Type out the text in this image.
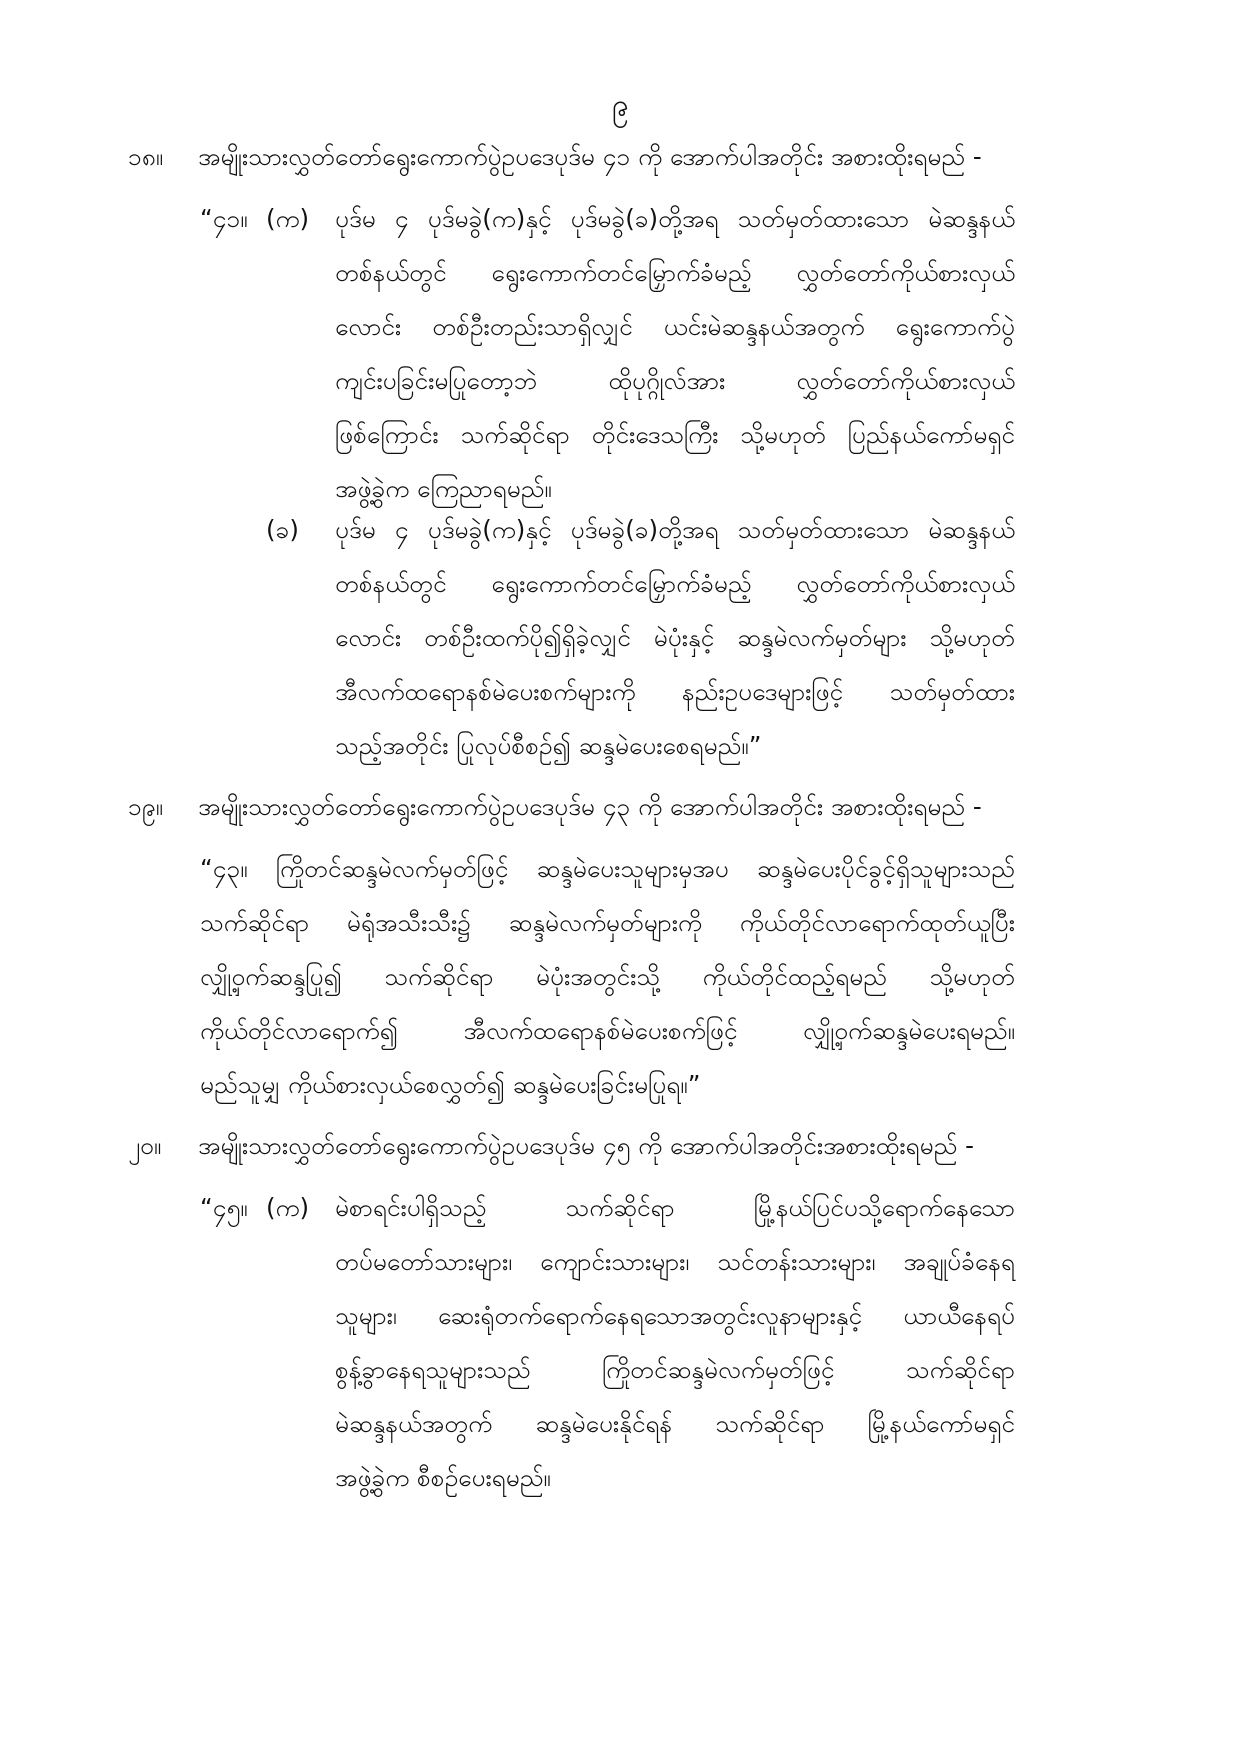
၉
၁၈။ အမျိုးသားလွှတ်တော်ရွေးကောက်ပွဲဥပဒေပုဒ်မ ၄၁ ကို အောက်ပါအတိုင်း အစားထိုးရမည် -
“၄၁။ (က) ပုဒ်မ ၄ ပုဒ်မခွဲ(က)နှင့် ပုဒ်မခွဲ(ခ)တို့အရ သတ်မှတ်ထားသော မဲဆန္ဒနယ်
တစ်နယ်တွင် ရွေးကောက်တင်မြှောက်ခံမည့် လွှတ်တော်ကိုယ်စားလှယ်
လောင်း တစ်ဦးတည်းသာရှိလျှင် ယင်းမဲဆန္ဒနယ်အတွက် ရွေးကောက်ပွဲ
ကျင်းပခြင်းမပြုတော့ဘဲ ထိုပုဂ္ဂိုလ်အား လွှတ်တော်ကိုယ်စားလှယ်
ဖြစ်ကြောင်း သက်ဆိုင်ရာ တိုင်းဒေသကြီး သို့မဟုတ် ပြည်နယ်ကော်မရှင်
အဖွဲ့ခွဲက ကြေညာရမည်။
(ခ) ပုဒ်မ ၄ ပုဒ်မခွဲ(က)နှင့် ပုဒ်မခွဲ(ခ)တို့အရ သတ်မှတ်ထားသော မဲဆန္ဒနယ်
တစ်နယ်တွင် ရွေးကောက်တင်မြှောက်ခံမည့် လွှတ်တော်ကိုယ်စားလှယ်
လောင်း တစ်ဦးထက်ပို၍ရှိခဲ့လျှင် မဲပုံးနှင့် ဆန္ဒမဲလက်မှတ်များ သို့မဟုတ်
အီလက်ထရောနစ်မဲပေးစက်များကို နည်းဥပဒေများဖြင့် သတ်မှတ်ထား
သည့်အတိုင်း ပြုလုပ်စီစဉ်၍ ဆန္ဒမဲပေးစေရမည်။”
၁၉။ အမျိုးသားလွှတ်တော်ရွေးကောက်ပွဲဥပဒေပုဒ်မ ၄၃ ကို အောက်ပါအတိုင်း အစားထိုးရမည် -
“၄၃။ ကြိုတင်ဆန္ဒမဲလက်မှတ်ဖြင့် ဆန္ဒမဲပေးသူများမှအပ ဆန္ဒမဲပေးပိုင်ခွင့်ရှိသူများသည်
သက်ဆိုင်ရာ မဲရုံအသီးသီး၌ ဆန္ဒမဲလက်မှတ်များကို ကိုယ်တိုင်လာရောက်ထုတ်ယူပြီး
လျှို့ဝှက်ဆန္ဒပြု၍ သက်ဆိုင်ရာ မဲပုံးအတွင်းသို့ ကိုယ်တိုင်ထည့်ရမည် သို့မဟုတ်
ကိုယ်တိုင်လာရောက်၍ အီလက်ထရောနစ်မဲပေးစက်ဖြင့် လျှို့ဝှက်ဆန္ဒမဲပေးရမည်။
မည်သူမျှ ကိုယ်စားလှယ်စေလွှတ်၍ ဆန္ဒမဲပေးခြင်းမပြုရ။”
၂၀။ အမျိုးသားလွှတ်တော်ရွေးကောက်ပွဲဥပဒေပုဒ်မ ၄၅ ကို အောက်ပါအတိုင်းအစားထိုးရမည် -
“၄၅။ (က) မဲစာရင်းပါရှိသည့် သက်ဆိုင်ရာ မြို့နယ်ပြင်ပသို့ရောက်နေသော
တပ်မတော်သားများ၊ ကျောင်းသားများ၊ သင်တန်းသားများ၊ အချုပ်ခံနေရ
သူများ၊ ဆေးရုံတက်ရောက်နေရသောအတွင်းလူနာများနှင့် ယာယီနေရပ်
စွန့်ခွာနေရသူများသည် ကြိုတင်ဆန္ဒမဲလက်မှတ်ဖြင့် သက်ဆိုင်ရာ
မဲဆန္ဒနယ်အတွက် ဆန္ဒမဲပေးနိုင်ရန် သက်ဆိုင်ရာ မြို့နယ်ကော်မရှင်
အဖွဲ့ခွဲက စီစဉ်ပေးရမည်။
